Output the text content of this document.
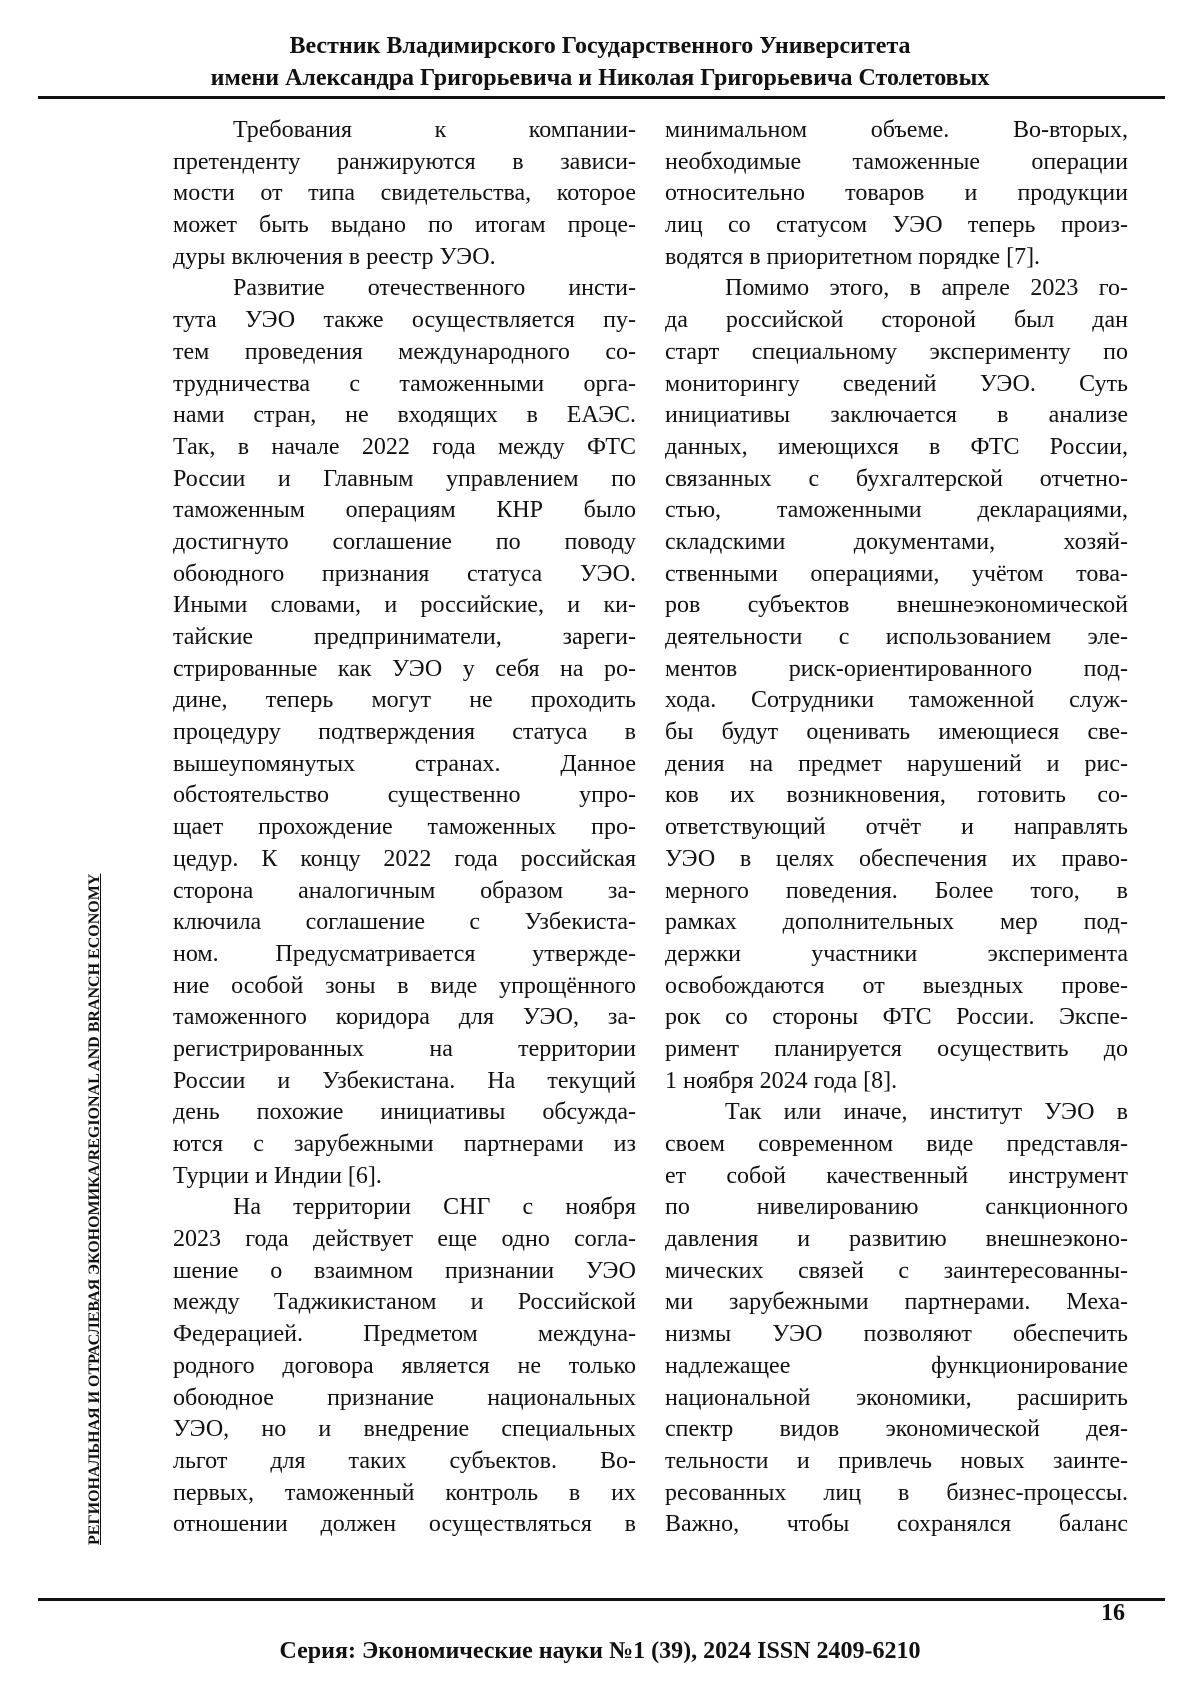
Вестник Владимирского Государственного Университета
имени Александра Григорьевича и Николая Григорьевича Столетовых
РЕГИОНАЛЬНАЯ И ОТРАСЛЕВАЯ ЭКОНОМИКА/REGIONAL AND BRANCH ECONOMY
Требования к компании-
претенденту ранжируются в зависи-
мости от типа свидетельства, которое
может быть выдано по итогам проце-
дуры включения в реестр УЭО.
Развитие отечественного инсти-
тута УЭО также осуществляется пу-
тем проведения международного со-
трудничества с таможенными орга-
нами стран, не входящих в ЕАЭС.
Так, в начале 2022 года между ФТС
России и Главным управлением по
таможенным операциям КНР было
достигнуто соглашение по поводу
обоюдного признания статуса УЭО.
Иными словами, и российские, и ки-
тайские предприниматели, зареги-
стрированные как УЭО у себя на ро-
дине, теперь могут не проходить
процедуру подтверждения статуса в
вышеупомянутых странах. Данное
обстоятельство существенно упро-
щает прохождение таможенных про-
цедур. К концу 2022 года российская
сторона аналогичным образом за-
ключила соглашение с Узбекиста-
ном. Предусматривается утвержде-
ние особой зоны в виде упрощённого
таможенного коридора для УЭО, за-
регистрированных на территории
России и Узбекистана. На текущий
день похожие инициативы обсужда-
ются с зарубежными партнерами из
Турции и Индии [6].
На территории СНГ с ноября
2023 года действует еще одно согла-
шение о взаимном признании УЭО
между Таджикистаном и Российской
Федерацией. Предметом междуна-
родного договора является не только
обоюдное признание национальных
УЭО, но и внедрение специальных
льгот для таких субъектов. Во-
первых, таможенный контроль в их
отношении должен осуществляться в
минимальном объеме. Во-вторых,
необходимые таможенные операции
относительно товаров и продукции
лиц со статусом УЭО теперь произ-
водятся в приоритетном порядке [7].
Помимо этого, в апреле 2023 го-
да российской стороной был дан
старт специальному эксперименту по
мониторингу сведений УЭО. Суть
инициативы заключается в анализе
данных, имеющихся в ФТС России,
связанных с бухгалтерской отчетно-
стью, таможенными декларациями,
складскими документами, хозяй-
ственными операциями, учётом това-
ров субъектов внешнеэкономической
деятельности с использованием эле-
ментов риск-ориентированного под-
хода. Сотрудники таможенной служ-
бы будут оценивать имеющиеся све-
дения на предмет нарушений и рис-
ков их возникновения, готовить со-
ответствующий отчёт и направлять
УЭО в целях обеспечения их право-
мерного поведения. Более того, в
рамках дополнительных мер под-
держки участники эксперимента
освобождаются от выездных прове-
рок со стороны ФТС России. Экспе-
римент планируется осуществить до
1 ноября 2024 года [8].
Так или иначе, институт УЭО в
своем современном виде представля-
ет собой качественный инструмент
по нивелированию санкционного
давления и развитию внешнеэконо-
мических связей с заинтересованны-
ми зарубежными партнерами. Меха-
низмы УЭО позволяют обеспечить
надлежащее функционирование
национальной экономики, расширить
спектр видов экономической дея-
тельности и привлечь новых заинте-
ресованных лиц в бизнес-процессы.
Важно, чтобы сохранялся баланс
16
Серия: Экономические науки №1 (39), 2024 ISSN 2409-6210
